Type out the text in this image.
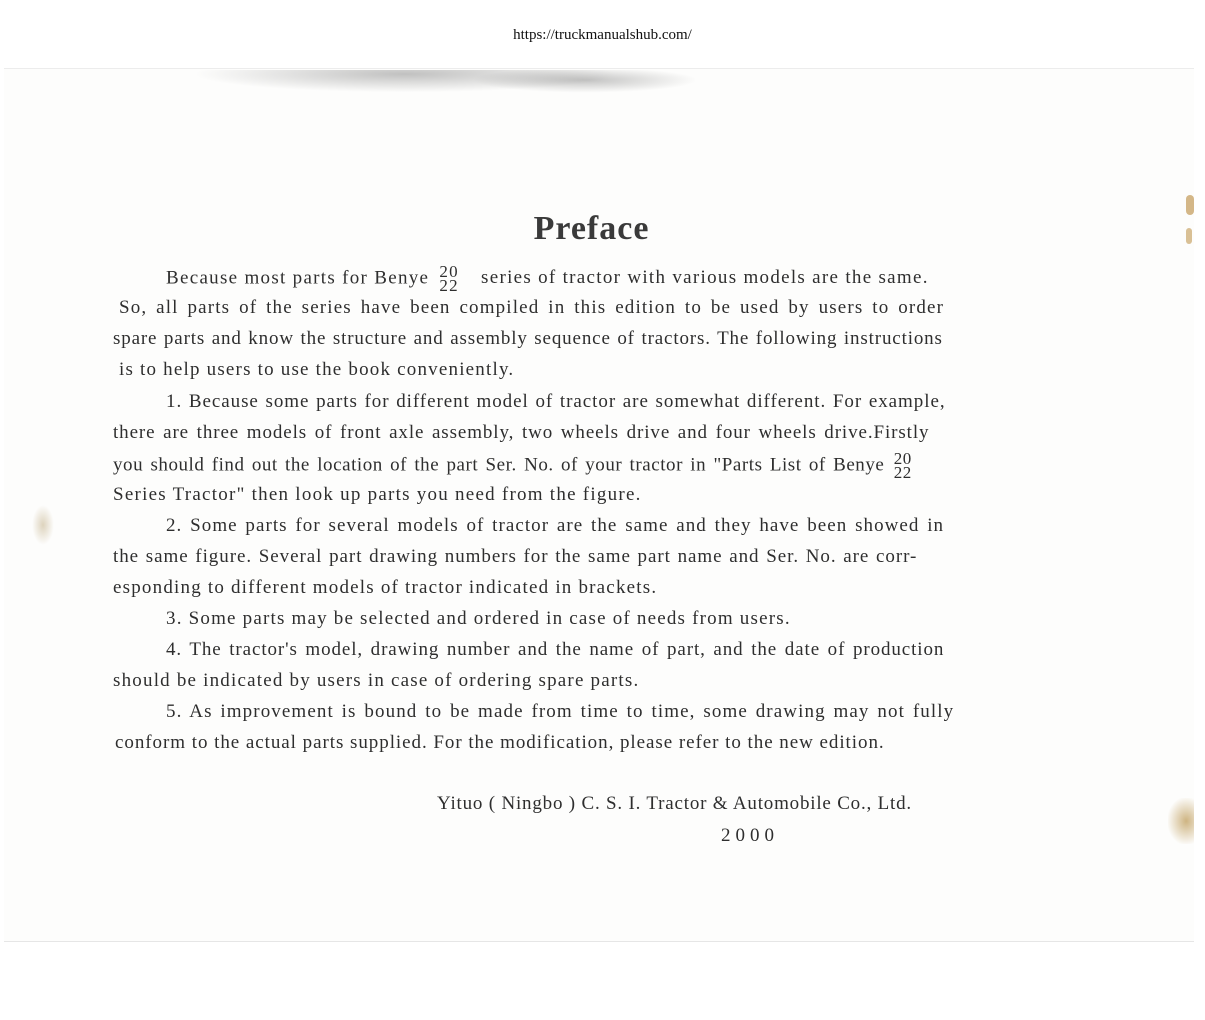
https://truckmanualshub.com/
Preface
Because most parts for Benye 20
22 series of tractor with various models are the same.
So, all parts of the series have been compiled in this edition to be used by users to order
spare parts and know the structure and assembly sequence of tractors. The following instructions
is to help users to use the book conveniently.
1. Because some parts for different model of tractor are somewhat different. For example,
there are three models of front axle assembly, two wheels drive and four wheels drive.Firstly
you should find out the location of the part Ser. No. of your tractor in "Parts List of Benye 20
22
Series Tractor" then look up parts you need from the figure.
2. Some parts for several models of tractor are the same and they have been showed in
the same figure. Several part drawing numbers for the same part name and Ser. No. are corr-
esponding to different models of tractor indicated in brackets.
3. Some parts may be selected and ordered in case of needs from users.
4. The tractor's model, drawing number and the name of part, and the date of production
should be indicated by users in case of ordering spare parts.
5. As improvement is bound to be made from time to time, some drawing may not fully
conform to the actual parts supplied. For the modification, please refer to the new edition.
Yituo ( Ningbo ) C. S. I. Tractor & Automobile Co., Ltd.
2000
